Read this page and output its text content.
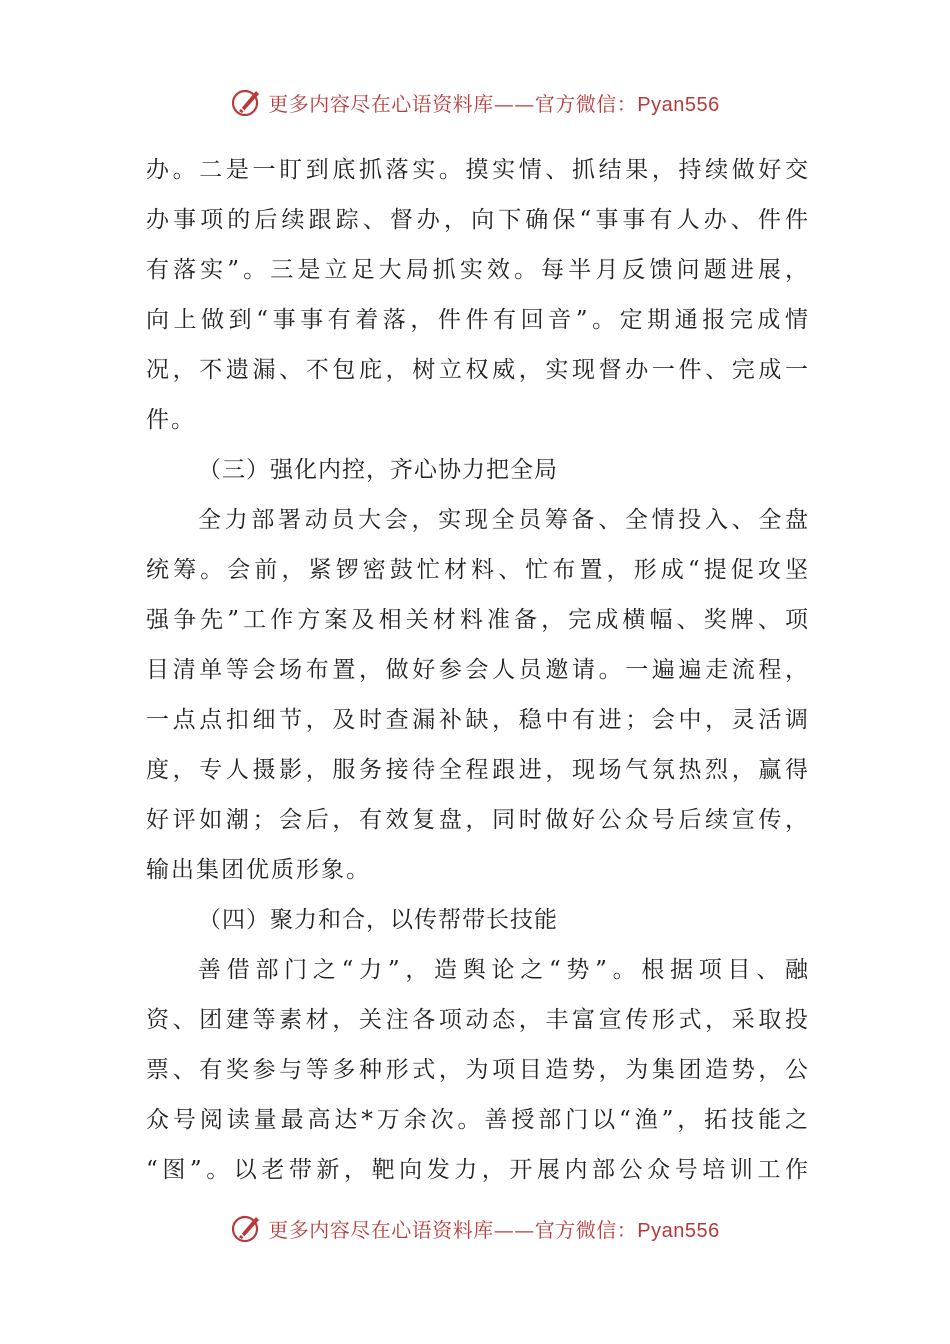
更多内容尽在心语资料库——官方微信：Pyan556
办。二是一盯到底抓落实。摸实情、抓结果，持续做好交
办事项的后续跟踪、督办，向下确保“事事有人办、件件
有落实”。三是立足大局抓实效。每半月反馈问题进展，
向上做到“事事有着落，件件有回音”。定期通报完成情
况，不遗漏、不包庇，树立权威，实现督办一件、完成一
件。
（三）强化内控，齐心协力把全局
全力部署动员大会，实现全员筹备、全情投入、全盘
统筹。会前，紧锣密鼓忙材料、忙布置，形成“提促攻坚
强争先”工作方案及相关材料准备，完成横幅、奖牌、项
目清单等会场布置，做好参会人员邀请。一遍遍走流程，
一点点扣细节，及时查漏补缺，稳中有进；会中，灵活调
度，专人摄影，服务接待全程跟进，现场气氛热烈，赢得
好评如潮；会后，有效复盘，同时做好公众号后续宣传，
输出集团优质形象。
（四）聚力和合，以传帮带长技能
善借部门之“力”，造舆论之“势”。根据项目、融
资、团建等素材，关注各项动态，丰富宣传形式，采取投
票、有奖参与等多种形式，为项目造势，为集团造势，公
众号阅读量最高达*万余次。善授部门以“渔”，拓技能之
“图”。以老带新，靶向发力，开展内部公众号培训工作
更多内容尽在心语资料库——官方微信：Pyan556
